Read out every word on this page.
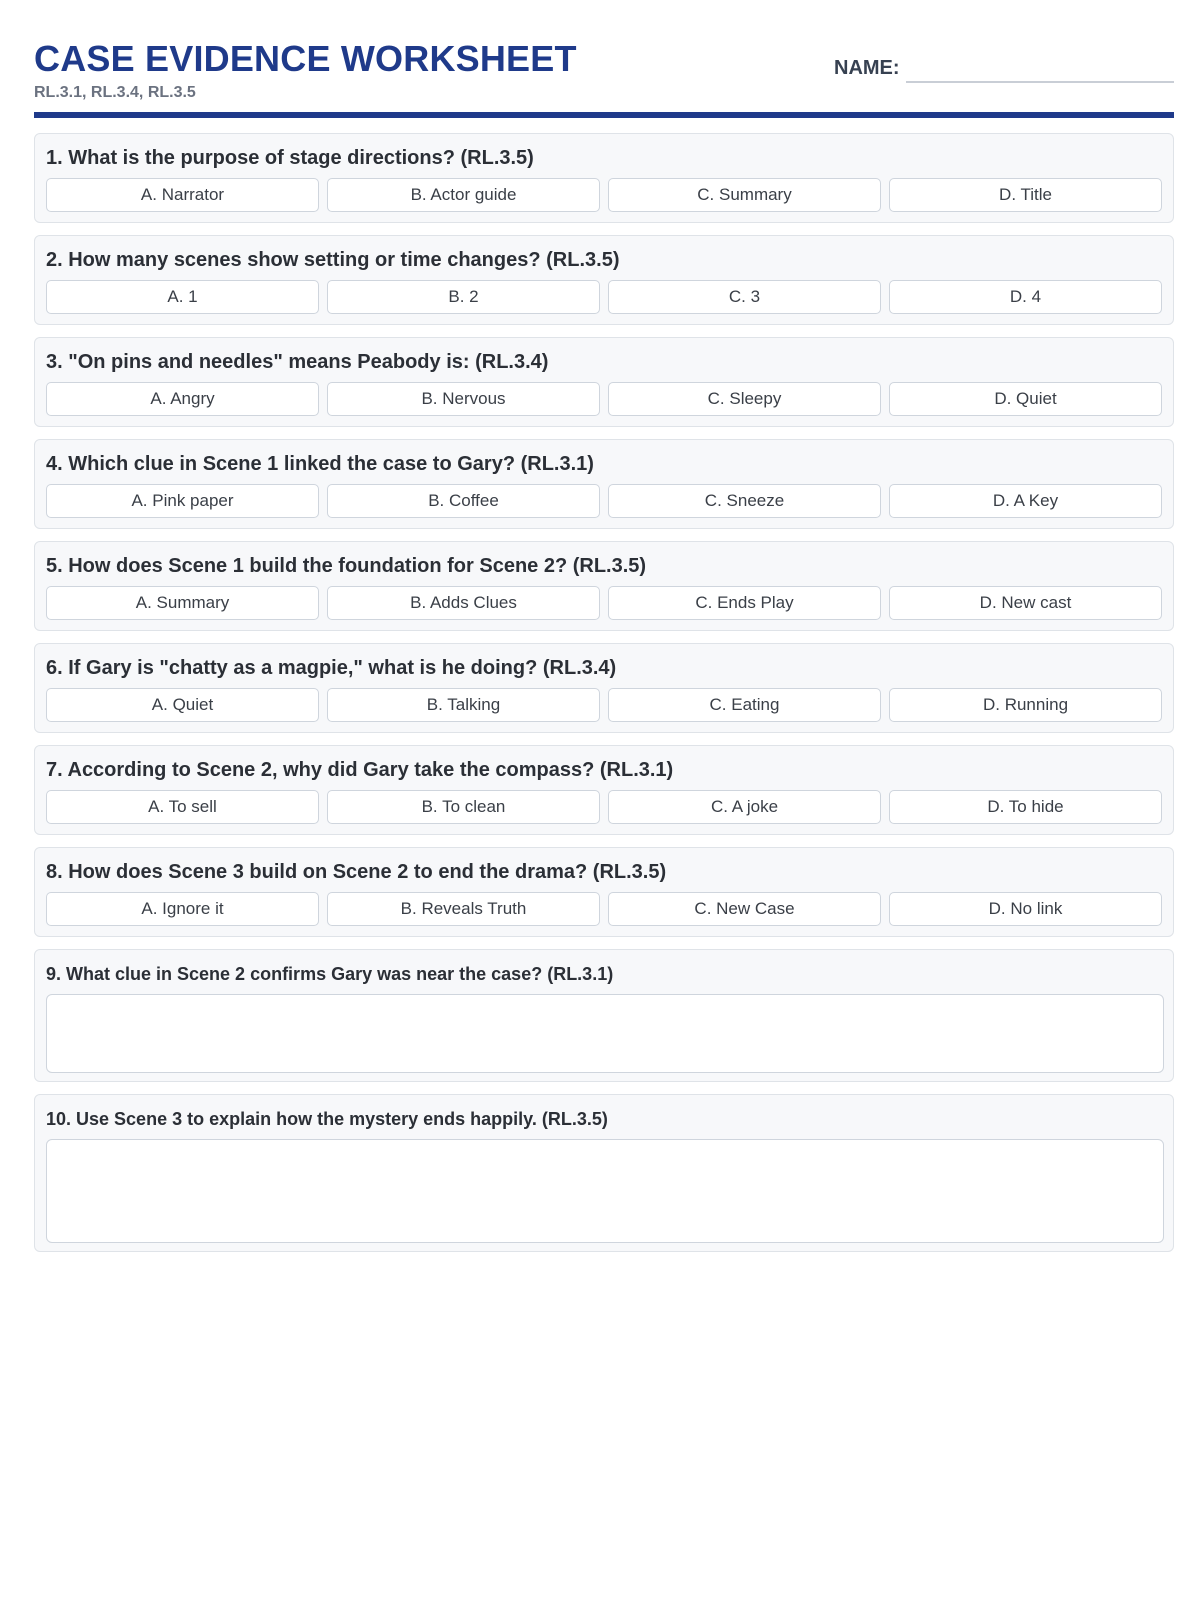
CASE EVIDENCE WORKSHEET
RL.3.1, RL.3.4, RL.3.5
NAME:
1. What is the purpose of stage directions? (RL.3.5)
A. Narrator	B. Actor guide	C. Summary	D. Title
2. How many scenes show setting or time changes? (RL.3.5)
A. 1	B. 2	C. 3	D. 4
3. "On pins and needles" means Peabody is: (RL.3.4)
A. Angry	B. Nervous	C. Sleepy	D. Quiet
4. Which clue in Scene 1 linked the case to Gary? (RL.3.1)
A. Pink paper	B. Coffee	C. Sneeze	D. A Key
5. How does Scene 1 build the foundation for Scene 2? (RL.3.5)
A. Summary	B. Adds Clues	C. Ends Play	D. New cast
6. If Gary is "chatty as a magpie," what is he doing? (RL.3.4)
A. Quiet	B. Talking	C. Eating	D. Running
7. According to Scene 2, why did Gary take the compass? (RL.3.1)
A. To sell	B. To clean	C. A joke	D. To hide
8. How does Scene 3 build on Scene 2 to end the drama? (RL.3.5)
A. Ignore it	B. Reveals Truth	C. New Case	D. No link
9. What clue in Scene 2 confirms Gary was near the case? (RL.3.1)
10. Use Scene 3 to explain how the mystery ends happily. (RL.3.5)
